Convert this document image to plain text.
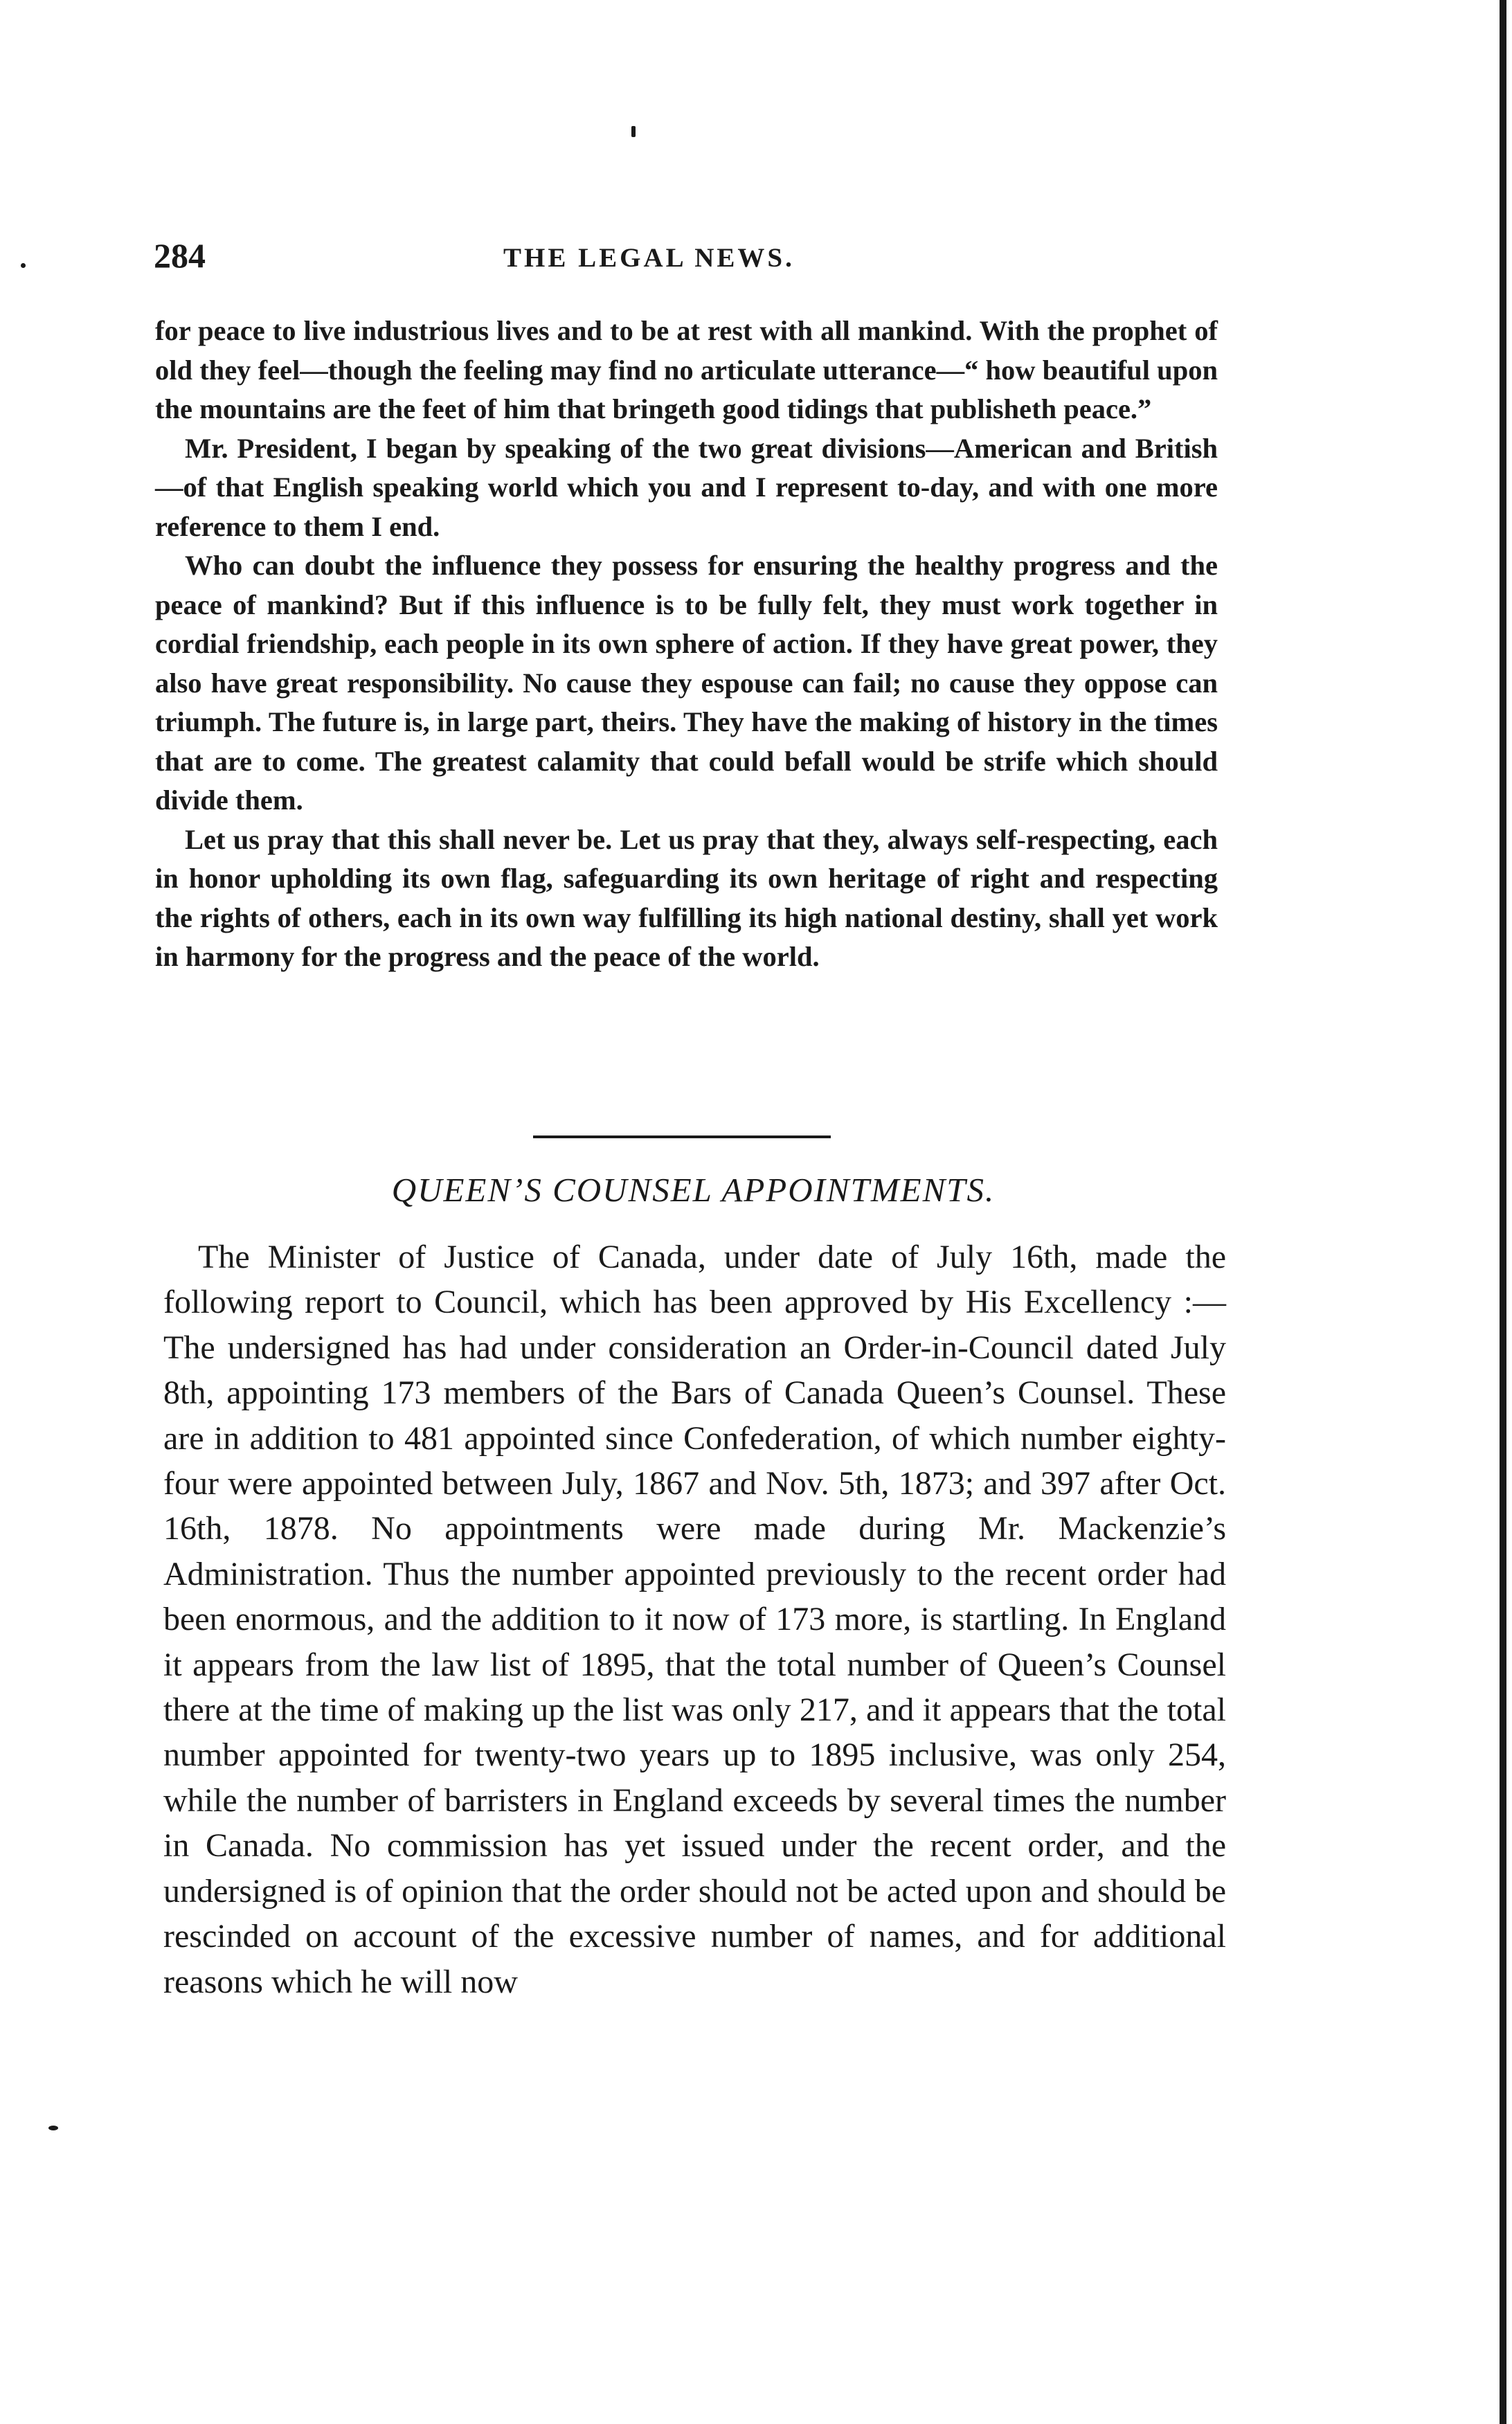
284	THE LEGAL NEWS.

for peace to live industrious lives and to be at rest with all mankind. With the prophet of old they feel—though the feeling may find no articulate utterance—“ how beautiful upon the mountains are the feet of him that bringeth good tidings that publisheth peace.”

Mr. President, I began by speaking of the two great divisions—American and British—of that English speaking world which you and I represent to-day, and with one more reference to them I end.

Who can doubt the influence they possess for ensuring the healthy progress and the peace of mankind? But if this influence is to be fully felt, they must work together in cordial friendship, each people in its own sphere of action. If they have great power, they also have great responsibility. No cause they espouse can fail; no cause they oppose can triumph. The future is, in large part, theirs. They have the making of history in the times that are to come. The greatest calamity that could befall would be strife which should divide them.

Let us pray that this shall never be. Let us pray that they, always self-respecting, each in honor upholding its own flag, safeguarding its own heritage of right and respecting the rights of others, each in its own way fulfilling its high national destiny, shall yet work in harmony for the progress and the peace of the world.

QUEEN’S COUNSEL APPOINTMENTS.

The Minister of Justice of Canada, under date of July 16th, made the following report to Council, which has been approved by His Excellency :—The undersigned has had under consideration an Order-in-Council dated July 8th, appointing 173 members of the Bars of Canada Queen’s Counsel. These are in addition to 481 appointed since Confederation, of which number eighty-four were appointed between July, 1867 and Nov. 5th, 1873; and 397 after Oct. 16th, 1878. No appointments were made during Mr. Mackenzie’s Administration. Thus the number appointed previously to the recent order had been enormous, and the addition to it now of 173 more, is startling. In England it appears from the law list of 1895, that the total number of Queen’s Counsel there at the time of making up the list was only 217, and it appears that the total number appointed for twenty-two years up to 1895 inclusive, was only 254, while the number of barristers in England exceeds by several times the number in Canada. No commission has yet issued under the recent order, and the undersigned is of opinion that the order should not be acted upon and should be rescinded on account of the excessive number of names, and for additional reasons which he will now
